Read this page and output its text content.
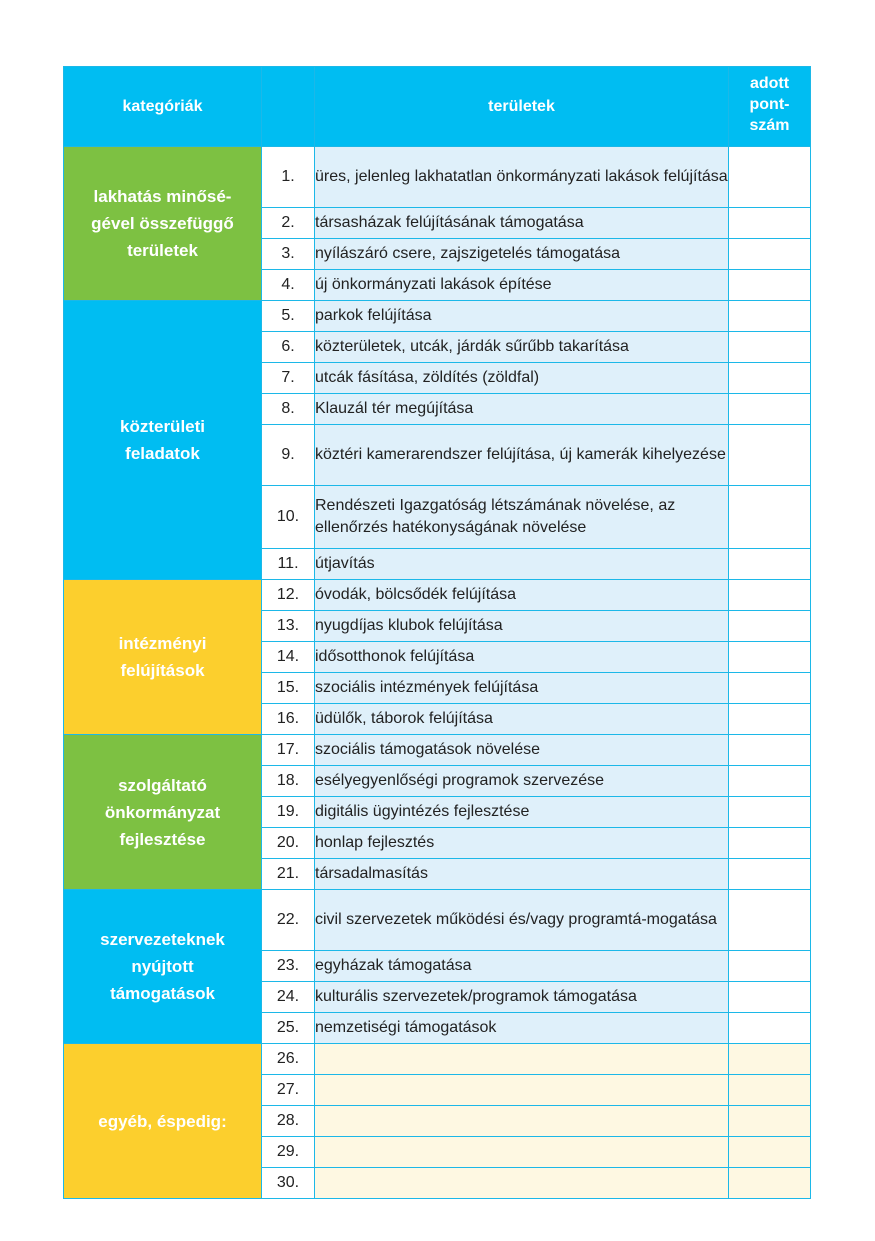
kategóriák		területek	adott
pont-
szám

lakhatás minősé-
gével összefüggő
területek	1.	üres, jelenleg lakhatatlan önkormányzati lakások felújítása	
	2.	társasházak felújításának támogatása	
	3.	nyílászáró csere, zajszigetelés támogatása	
	4.	új önkormányzati lakások építése	

közterületi
feladatok	5.	parkok felújítása	
	6.	közterületek, utcák, járdák sűrűbb takarítása	
	7.	utcák fásítása, zöldítés (zöldfal)	
	8.	Klauzál tér megújítása	
	9.	köztéri kamerarendszer felújítása, új kamerák kihelyezése	
	10.	Rendészeti Igazgatóság létszámának növelése, az ellenőrzés hatékonyságának növelése	
	11.	útjavítás	

intézményi
felújítások	12.	óvodák, bölcsődék felújítása	
	13.	nyugdíjas klubok felújítása	
	14.	idősotthonok felújítása	
	15.	szociális intézmények felújítása	
	16.	üdülők, táborok felújítása	

szolgáltató
önkormányzat
fejlesztése	17.	szociális támogatások növelése	
	18.	esélyegyenlőségi programok szervezése	
	19.	digitális ügyintézés fejlesztése	
	20.	honlap fejlesztés	
	21.	társadalmasítás	

szervezeteknek
nyújtott
támogatások	22.	civil szervezetek működési és/vagy programtá-mogatása	
	23.	egyházak támogatása	
	24.	kulturális szervezetek/programok támogatása	
	25.	nemzetiségi támogatások	

egyéb, éspedig:	26.		
	27.		
	28.		
	29.		
	30.		
